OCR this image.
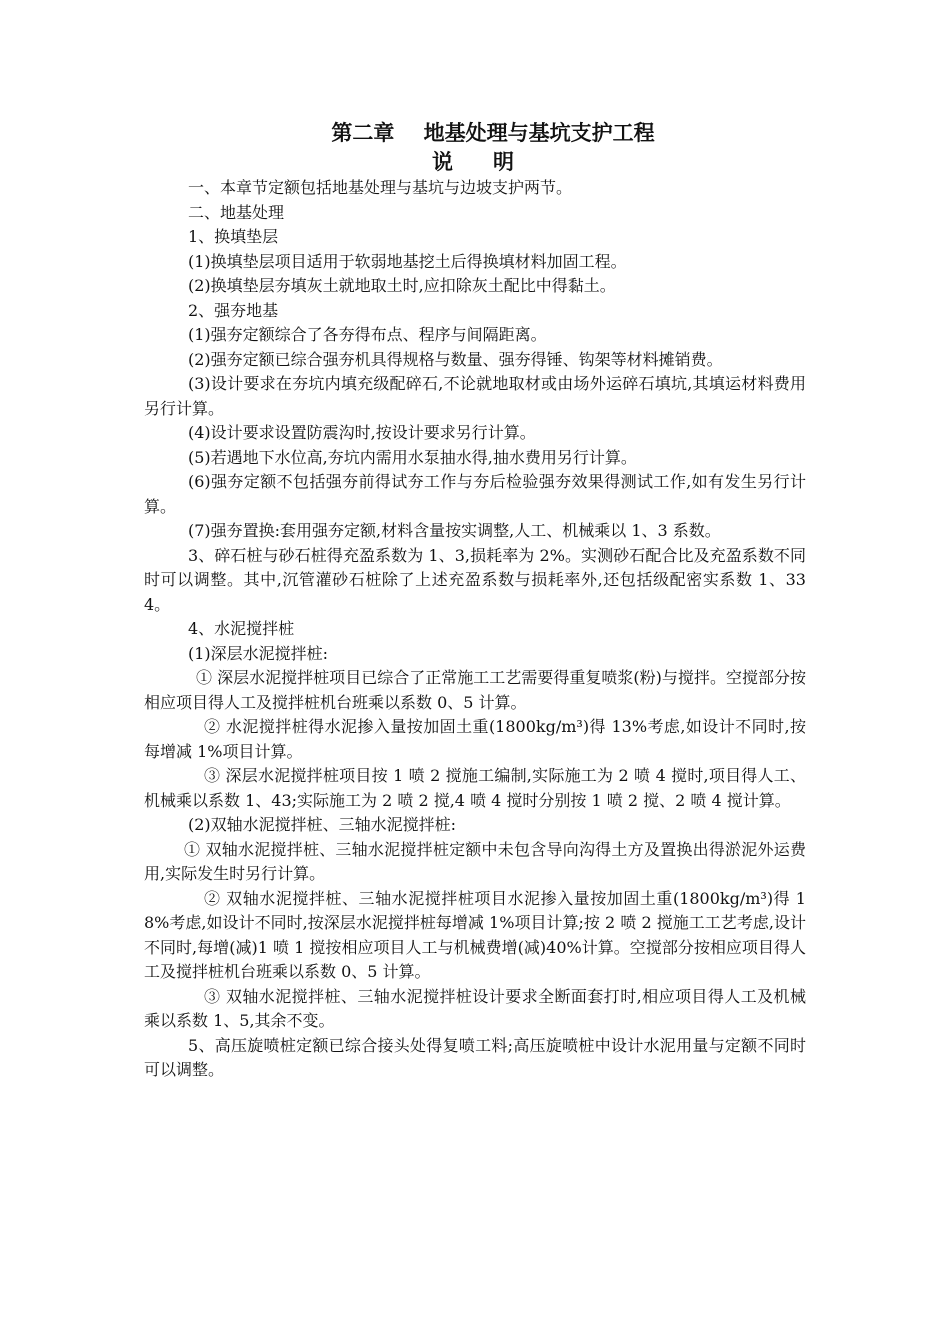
第二章    地基处理与基坑支护工程
说明

一、本章节定额包括地基处理与基坑与边坡支护两节。

二、地基处理

1、换填垫层

(1)换填垫层项目适用于软弱地基挖土后得换填材料加固工程。

(2)换填垫层夯填灰土就地取土时,应扣除灰土配比中得黏土。

2、强夯地基

(1)强夯定额综合了各夯得布点、程序与间隔距离。

(2)强夯定额已综合强夯机具得规格与数量、强夯得锤、钩架等材料摊销费。

(3)设计要求在夯坑内填充级配碎石,不论就地取材或由场外运碎石填坑,其填运材料费用另行计算。

(4)设计要求设置防震沟时,按设计要求另行计算。

(5)若遇地下水位高,夯坑内需用水泵抽水得,抽水费用另行计算。

(6)强夯定额不包括强夯前得试夯工作与夯后检验强夯效果得测试工作,如有发生另行计算。

(7)强夯置换:套用强夯定额,材料含量按实调整,人工、机械乘以 1、3 系数。

3、碎石桩与砂石桩得充盈系数为 1、3,损耗率为 2%。实测砂石配合比及充盈系数不同时可以调整。其中,沉管灌砂石桩除了上述充盈系数与损耗率外,还包括级配密实系数 1、334。

4、水泥搅拌桩

(1)深层水泥搅拌桩:

① 深层水泥搅拌桩项目已综合了正常施工工艺需要得重复喷浆(粉)与搅拌。空搅部分按相应项目得人工及搅拌桩机台班乘以系数 0、5 计算。

② 水泥搅拌桩得水泥掺入量按加固土重(1800kg/m³)得 13%考虑,如设计不同时,按每增减 1%项目计算。

③ 深层水泥搅拌桩项目按 1 喷 2 搅施工编制,实际施工为 2 喷 4 搅时,项目得人工、机械乘以系数 1、43;实际施工为 2 喷 2 搅,4 喷 4 搅时分别按 1 喷 2 搅、2 喷 4 搅计算。

(2)双轴水泥搅拌桩、三轴水泥搅拌桩:

① 双轴水泥搅拌桩、三轴水泥搅拌桩定额中未包含导向沟得土方及置换出得淤泥外运费用,实际发生时另行计算。

② 双轴水泥搅拌桩、三轴水泥搅拌桩项目水泥掺入量按加固土重(1800kg/m³)得 18%考虑,如设计不同时,按深层水泥搅拌桩每增减 1%项目计算;按 2 喷 2 搅施工工艺考虑,设计不同时,每增(减)1 喷 1 搅按相应项目人工与机械费增(减)40%计算。空搅部分按相应项目得人工及搅拌桩机台班乘以系数 0、5 计算。

③ 双轴水泥搅拌桩、三轴水泥搅拌桩设计要求全断面套打时,相应项目得人工及机械乘以系数 1、5,其余不变。

5、高压旋喷桩定额已综合接头处得复喷工料;高压旋喷桩中设计水泥用量与定额不同时可以调整。
